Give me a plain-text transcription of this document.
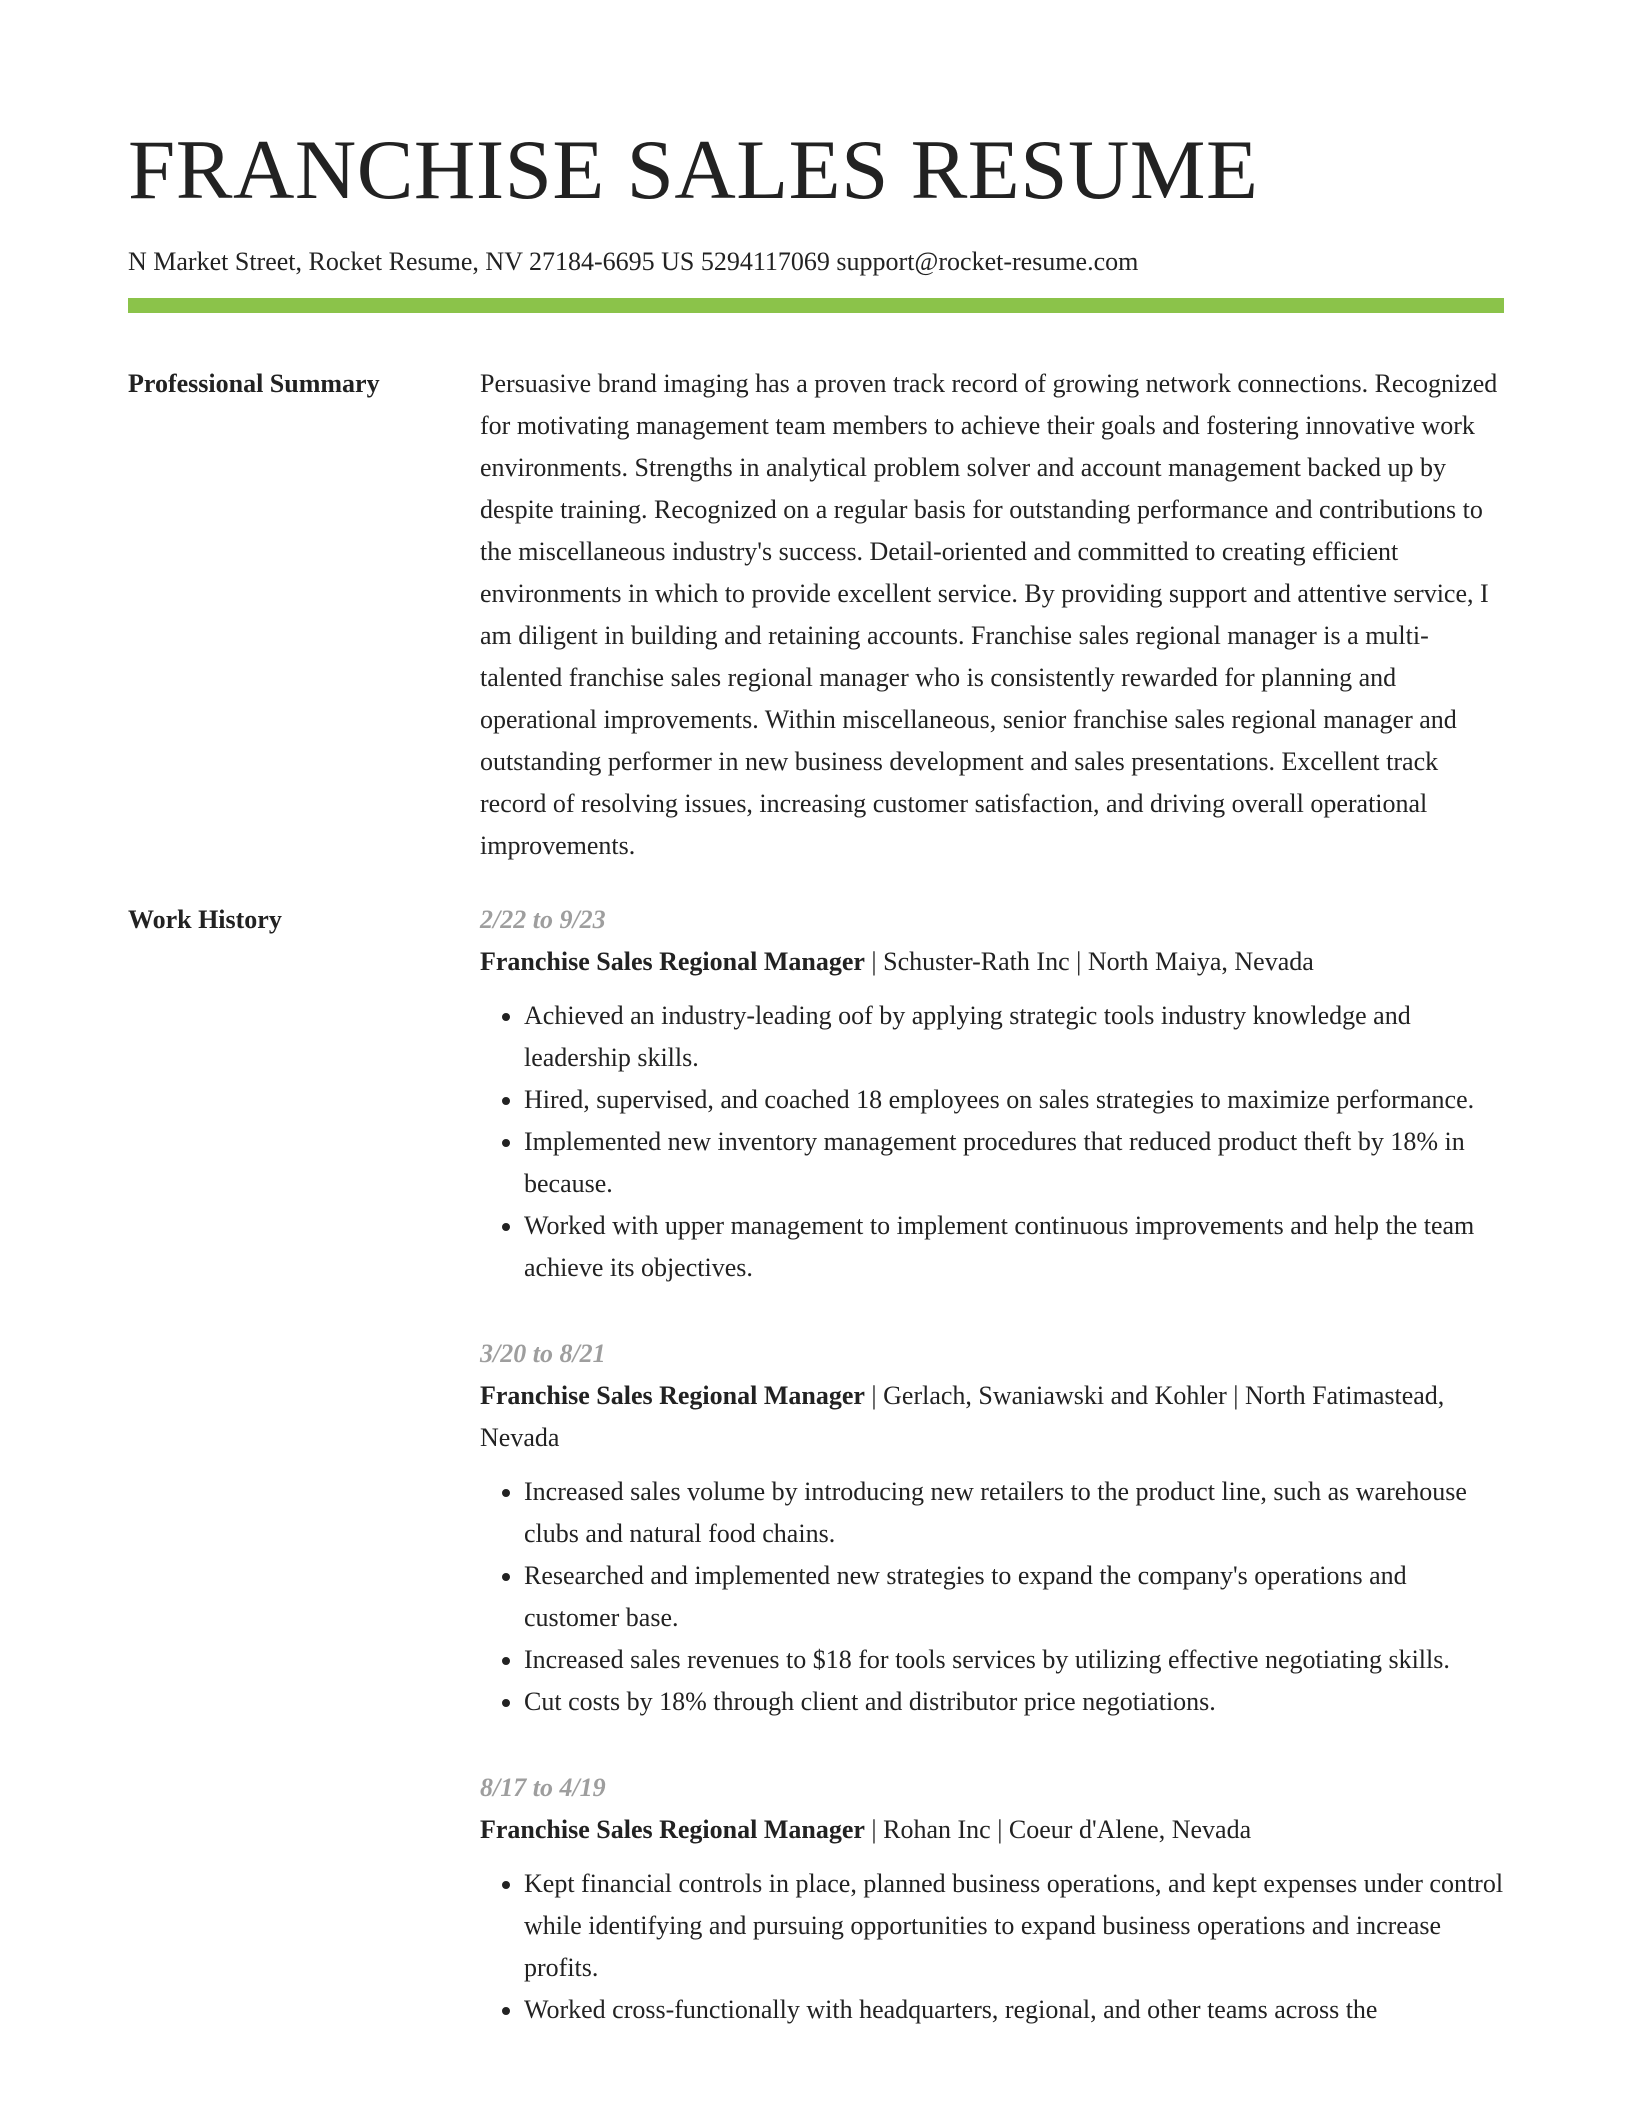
FRANCHISE SALES RESUME
N Market Street, Rocket Resume, NV 27184-6695 US 5294117069 support@rocket-resume.com
Professional Summary	Persuasive brand imaging has a proven track record of growing network connections. Recognized for motivating management team members to achieve their goals and fostering innovative work environments. Strengths in analytical problem solver and account management backed up by despite training. Recognized on a regular basis for outstanding performance and contributions to the miscellaneous industry's success. Detail-oriented and committed to creating efficient environments in which to provide excellent service. By providing support and attentive service, I am diligent in building and retaining accounts. Franchise sales regional manager is a multi-talented franchise sales regional manager who is consistently rewarded for planning and operational improvements. Within miscellaneous, senior franchise sales regional manager and outstanding performer in new business development and sales presentations. Excellent track record of resolving issues, increasing customer satisfaction, and driving overall operational improvements.

Work History	2/22 to 9/23
Franchise Sales Regional Manager | Schuster-Rath Inc | North Maiya, Nevada
• Achieved an industry-leading oof by applying strategic tools industry knowledge and leadership skills.
• Hired, supervised, and coached 18 employees on sales strategies to maximize performance.
• Implemented new inventory management procedures that reduced product theft by 18% in because.
• Worked with upper management to implement continuous improvements and help the team achieve its objectives.
3/20 to 8/21
Franchise Sales Regional Manager | Gerlach, Swaniawski and Kohler | North Fatimastead, Nevada
• Increased sales volume by introducing new retailers to the product line, such as warehouse clubs and natural food chains.
• Researched and implemented new strategies to expand the company's operations and customer base.
• Increased sales revenues to $18 for tools services by utilizing effective negotiating skills.
• Cut costs by 18% through client and distributor price negotiations.
8/17 to 4/19
Franchise Sales Regional Manager | Rohan Inc | Coeur d'Alene, Nevada
• Kept financial controls in place, planned business operations, and kept expenses under control while identifying and pursuing opportunities to expand business operations and increase profits.
• Worked cross-functionally with headquarters, regional, and other teams across the
